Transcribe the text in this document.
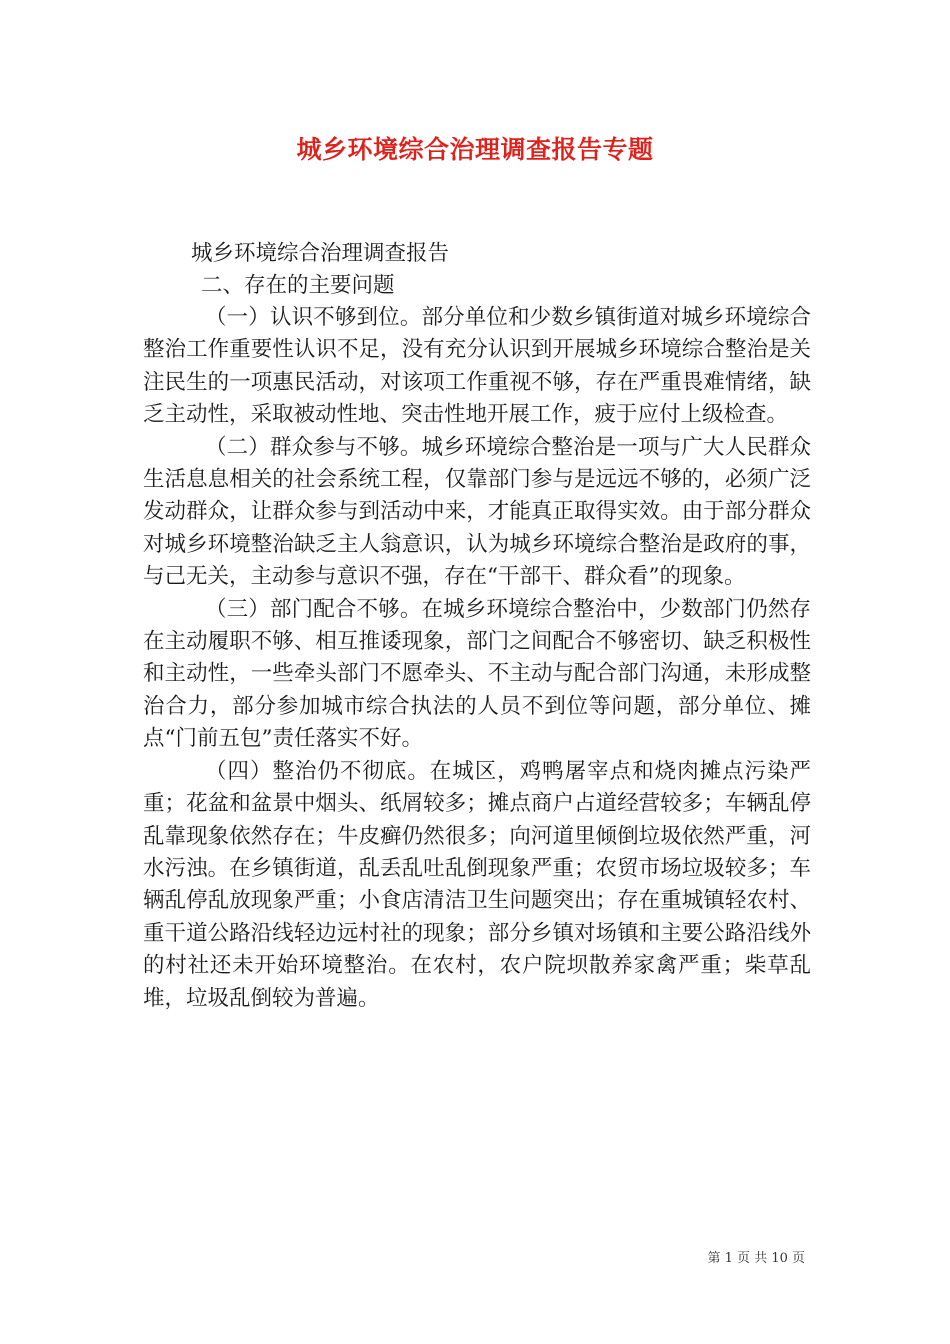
城乡环境综合治理调查报告专题

城乡环境综合治理调查报告

二、存在的主要问题

（一）认识不够到位。部分单位和少数乡镇街道对城乡环境综合整治工作重要性认识不足，没有充分认识到开展城乡环境综合整治是关注民生的一项惠民活动，对该项工作重视不够，存在严重畏难情绪，缺乏主动性，采取被动性地、突击性地开展工作，疲于应付上级检查。

（二）群众参与不够。城乡环境综合整治是一项与广大人民群众生活息息相关的社会系统工程，仅靠部门参与是远远不够的，必须广泛发动群众，让群众参与到活动中来，才能真正取得实效。由于部分群众对城乡环境整治缺乏主人翁意识，认为城乡环境综合整治是政府的事，与己无关，主动参与意识不强，存在“干部干、群众看”的现象。

（三）部门配合不够。在城乡环境综合整治中，少数部门仍然存在主动履职不够、相互推诿现象，部门之间配合不够密切、缺乏积极性和主动性，一些牵头部门不愿牵头、不主动与配合部门沟通，未形成整治合力，部分参加城市综合执法的人员不到位等问题，部分单位、摊点“门前五包”责任落实不好。

（四）整治仍不彻底。在城区，鸡鸭屠宰点和烧肉摊点污染严重；花盆和盆景中烟头、纸屑较多；摊点商户占道经营较多；车辆乱停乱靠现象依然存在；牛皮癣仍然很多；向河道里倾倒垃圾依然严重，河水污浊。在乡镇街道，乱丢乱吐乱倒现象严重；农贸市场垃圾较多；车辆乱停乱放现象严重；小食店清洁卫生问题突出；存在重城镇轻农村、重干道公路沿线轻边远村社的现象；部分乡镇对场镇和主要公路沿线外的村社还未开始环境整治。在农村，农户院坝散养家禽严重；柴草乱堆，垃圾乱倒较为普遍。

第 1 页 共 10 页
